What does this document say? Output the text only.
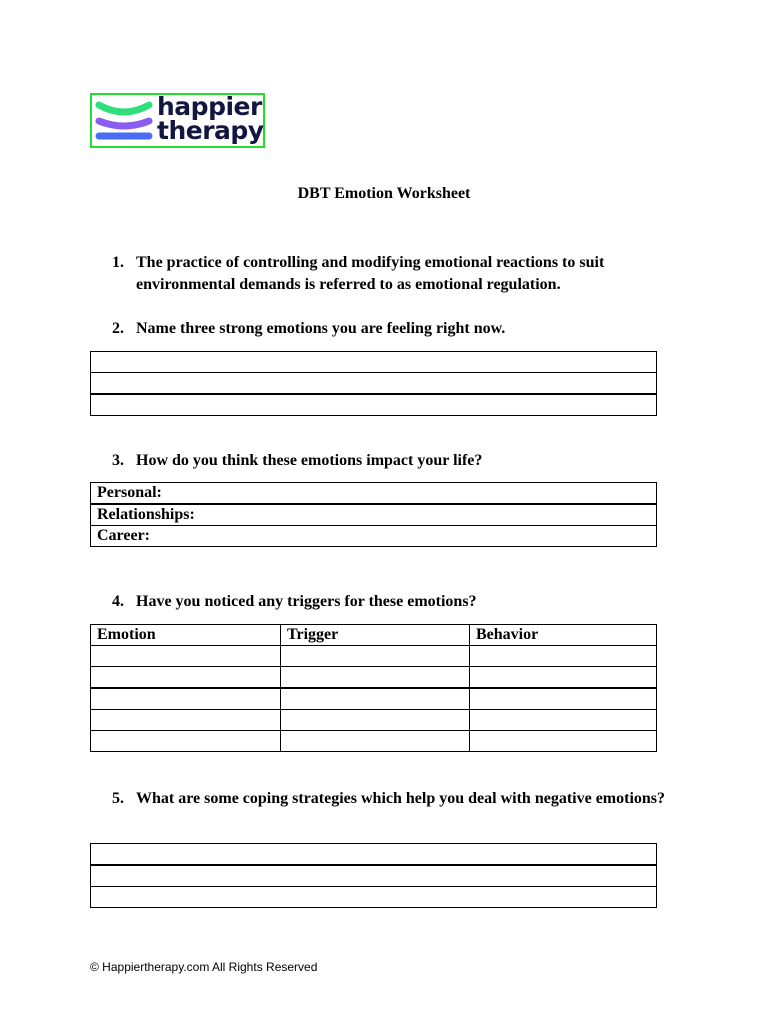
happier
therapy
DBT Emotion Worksheet
1. The practice of controlling and modifying emotional reactions to suit environmental demands is referred to as emotional regulation.
2. Name three strong emotions you are feeling right now.

3. How do you think these emotions impact your life?
Personal:
Relationships:
Career:
4. Have you noticed any triggers for these emotions?
Emotion	Trigger	Behavior

5. What are some coping strategies which help you deal with negative emotions?

© Happiertherapy.com All Rights Reserved
